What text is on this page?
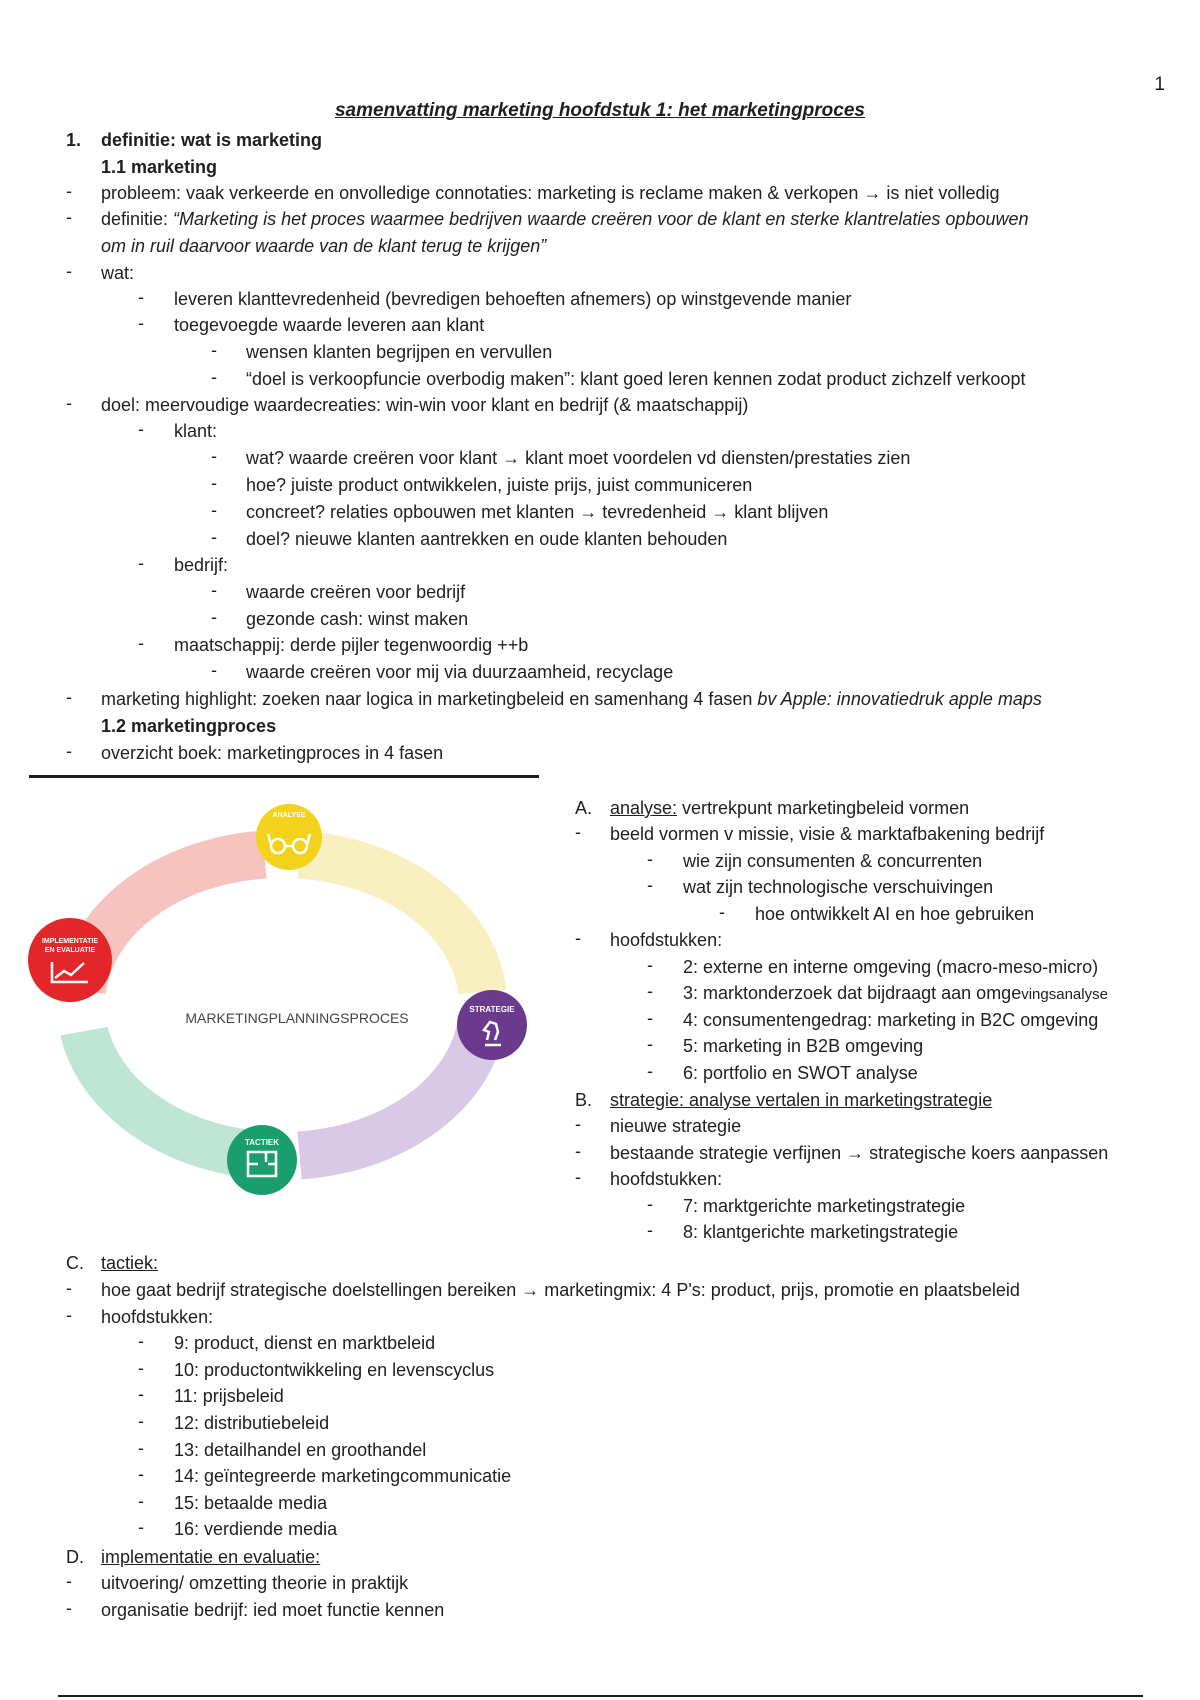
1
samenvatting marketing hoofdstuk 1: het marketingproces
1. definitie: wat is marketing
1.1 marketing
- probleem: vaak verkeerde en onvolledige connotaties: marketing is reclame maken & verkopen → is niet volledig
- definitie: “Marketing is het proces waarmee bedrijven waarde creëren voor de klant en sterke klantrelaties opbouwen
om in ruil daarvoor waarde van de klant terug te krijgen”
- wat:
- leveren klanttevredenheid (bevredigen behoeften afnemers) op winstgevende manier
- toegevoegde waarde leveren aan klant
- wensen klanten begrijpen en vervullen
- “doel is verkoopfuncie overbodig maken”: klant goed leren kennen zodat product zichzelf verkoopt
- doel: meervoudige waardecreaties: win-win voor klant en bedrijf (& maatschappij)
- klant:
- wat? waarde creëren voor klant → klant moet voordelen vd diensten/prestaties zien
- hoe? juiste product ontwikkelen, juiste prijs, juist communiceren
- concreet? relaties opbouwen met klanten → tevredenheid → klant blijven
- doel? nieuwe klanten aantrekken en oude klanten behouden
- bedrijf:
- waarde creëren voor bedrijf
- gezonde cash: winst maken
- maatschappij: derde pijler tegenwoordig ++b
- waarde creëren voor mij via duurzaamheid, recyclage
- marketing highlight: zoeken naar logica in marketingbeleid en samenhang 4 fasen bv Apple: innovatiedruk apple maps
1.2 marketingproces
- overzicht boek: marketingproces in 4 fasen
MARKETINGPLANNINGSPROCES
ANALYSE
STRATEGIE
TACTIEK
IMPLEMENTATIE
EN EVALUATIE
A. analyse: vertrekpunt marketingbeleid vormen
- beeld vormen v missie, visie & marktafbakening bedrijf
- wie zijn consumenten & concurrenten
- wat zijn technologische verschuivingen
- hoe ontwikkelt AI en hoe gebruiken
- hoofdstukken:
- 2: externe en interne omgeving (macro-meso-micro)
- 3: marktonderzoek dat bijdraagt aan omgevingsanalyse
- 4: consumentengedrag: marketing in B2C omgeving
- 5: marketing in B2B omgeving
- 6: portfolio en SWOT analyse
B. strategie: analyse vertalen in marketingstrategie
- nieuwe strategie
- bestaande strategie verfijnen → strategische koers aanpassen
- hoofdstukken:
- 7: marktgerichte marketingstrategie
- 8: klantgerichte marketingstrategie
C. tactiek:
- hoe gaat bedrijf strategische doelstellingen bereiken → marketingmix: 4 P's: product, prijs, promotie en plaatsbeleid
- hoofdstukken:
- 9: product, dienst en marktbeleid
- 10: productontwikkeling en levenscyclus
- 11: prijsbeleid
- 12: distributiebeleid
- 13: detailhandel en groothandel
- 14: geïntegreerde marketingcommunicatie
- 15: betaalde media
- 16: verdiende media
D. implementatie en evaluatie:
- uitvoering/ omzetting theorie in praktijk
- organisatie bedrijf: ied moet functie kennen
